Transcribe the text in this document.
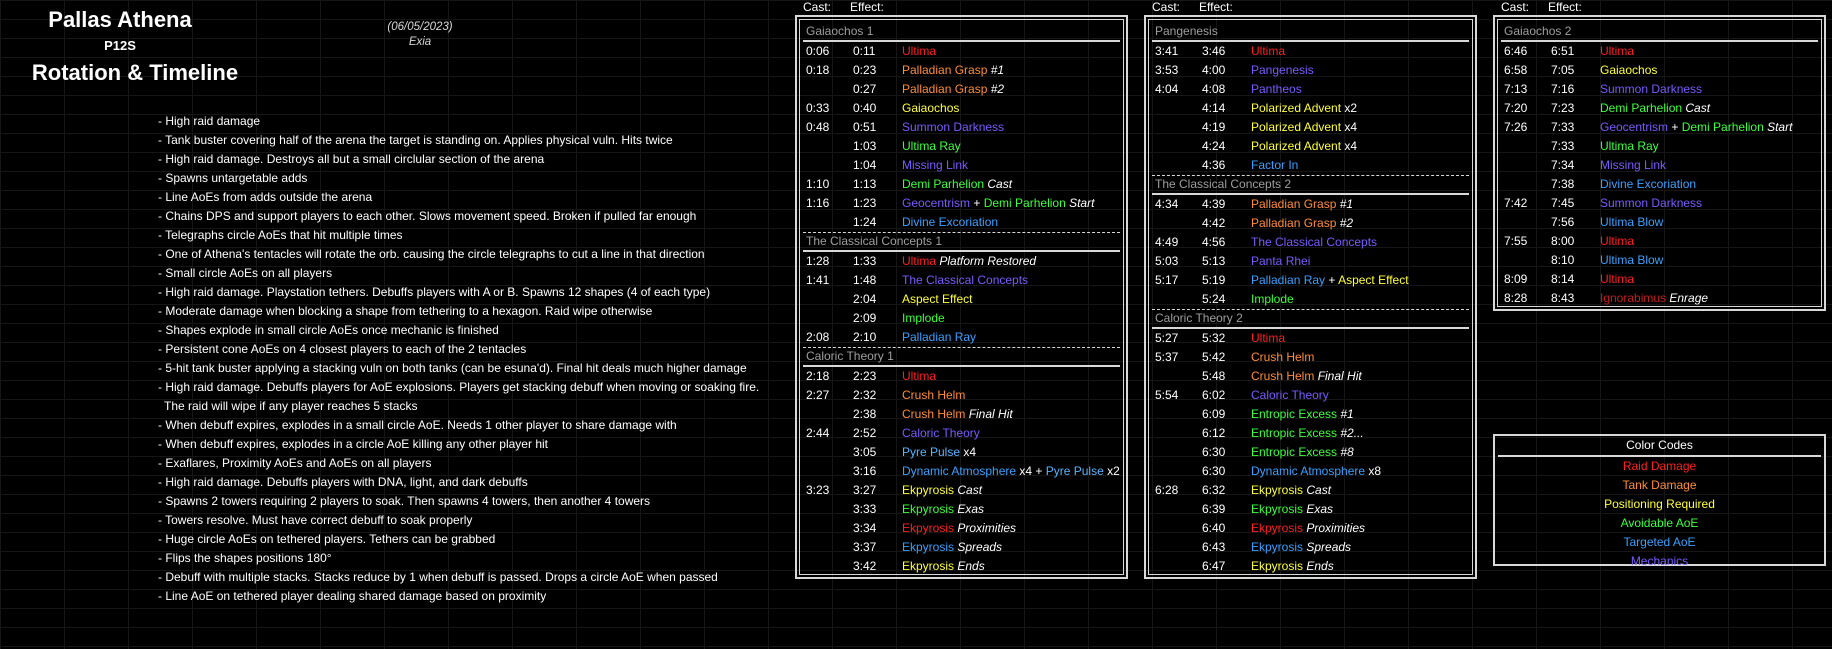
Pallas Athena
P12S
Rotation & Timeline
(06/05/2023)
Exia
- High raid damage
- Tank buster covering half of the arena the target is standing on. Applies physical vuln. Hits twice
- High raid damage. Destroys all but a small circlular section of the arena
- Spawns untargetable adds
- Line AoEs from adds outside the arena
- Chains DPS and support players to each other. Slows movement speed. Broken if pulled far enough
- Telegraphs circle AoEs that hit multiple times
- One of Athena's tentacles will rotate the orb. causing the circle telegraphs to cut a line in that direction
- Small circle AoEs on all players
- High raid damage. Playstation tethers. Debuffs players with A or B. Spawns 12 shapes (4 of each type)
- Moderate damage when blocking a shape from tethering to a hexagon. Raid wipe otherwise
- Shapes explode in small circle AoEs once mechanic is finished
- Persistent cone AoEs on 4 closest players to each of the 2 tentacles
- 5-hit tank buster applying a stacking vuln on both tanks (can be esuna'd). Final hit deals much higher damage
- High raid damage. Debuffs players for AoE explosions. Players get stacking debuff when moving or soaking fire.
The raid will wipe if any player reaches 5 stacks
- When debuff expires, explodes in a small circle AoE. Needs 1 other player to share damage with
- When debuff expires, explodes in a circle AoE killing any other player hit
- Exaflares, Proximity AoEs and AoEs on all players
- High raid damage. Debuffs players with DNA, light, and dark debuffs
- Spawns 2 towers requiring 2 players to soak. Then spawns 4 towers, then another 4 towers
- Towers resolve. Must have correct debuff to soak properly
- Huge circle AoEs on tethered players. Tethers can be grabbed
- Flips the shapes positions 180°
- Debuff with multiple stacks. Stacks reduce by 1 when debuff is passed. Drops a circle AoE when passed
- Line AoE on tethered player dealing shared damage based on proximity
Cast: Effect:
Gaiaochos 1
0:06 0:11 Ultima
0:18 0:23 Palladian Grasp #1
0:27 Palladian Grasp #2
0:33 0:40 Gaiaochos
0:48 0:51 Summon Darkness
1:03 Ultima Ray
1:04 Missing Link
1:10 1:13 Demi Parhelion Cast
1:16 1:23 Geocentrism + Demi Parhelion Start
1:24 Divine Excoriation
The Classical Concepts 1
1:28 1:33 Ultima Platform Restored
1:41 1:48 The Classical Concepts
2:04 Aspect Effect
2:09 Implode
2:08 2:10 Palladian Ray
Caloric Theory 1
2:18 2:23 Ultima
2:27 2:32 Crush Helm
2:38 Crush Helm Final Hit
2:44 2:52 Caloric Theory
3:05 Pyre Pulse x4
3:16 Dynamic Atmosphere x4 + Pyre Pulse x2
3:23 3:27 Ekpyrosis Cast
3:33 Ekpyrosis Exas
3:34 Ekpyrosis Proximities
3:37 Ekpyrosis Spreads
3:42 Ekpyrosis Ends
Cast: Effect:
Pangenesis
3:41 3:46 Ultima
3:53 4:00 Pangenesis
4:04 4:08 Pantheos
4:14 Polarized Advent x2
4:19 Polarized Advent x4
4:24 Polarized Advent x4
4:36 Factor In
The Classical Concepts 2
4:34 4:39 Palladian Grasp #1
4:42 Palladian Grasp #2
4:49 4:56 The Classical Concepts
5:03 5:13 Panta Rhei
5:17 5:19 Palladian Ray + Aspect Effect
5:24 Implode
Caloric Theory 2
5:27 5:32 Ultima
5:37 5:42 Crush Helm
5:48 Crush Helm Final Hit
5:54 6:02 Caloric Theory
6:09 Entropic Excess #1
6:12 Entropic Excess #2...
6:30 Entropic Excess #8
6:30 Dynamic Atmosphere x8
6:28 6:32 Ekpyrosis Cast
6:39 Ekpyrosis Exas
6:40 Ekpyrosis Proximities
6:43 Ekpyrosis Spreads
6:47 Ekpyrosis Ends
Cast: Effect:
Gaiaochos 2
6:46 6:51 Ultima
6:58 7:05 Gaiaochos
7:13 7:16 Summon Darkness
7:20 7:23 Demi Parhelion Cast
7:26 7:33 Geocentrism + Demi Parhelion Start
7:33 Ultima Ray
7:34 Missing Link
7:38 Divine Excoriation
7:42 7:45 Summon Darkness
7:56 Ultima Blow
7:55 8:00 Ultima
8:10 Ultima Blow
8:09 8:14 Ultima
8:28 8:43 Ignorabimus Enrage
Color Codes
Raid Damage
Tank Damage
Positioning Required
Avoidable AoE
Targeted AoE
Mechanics
